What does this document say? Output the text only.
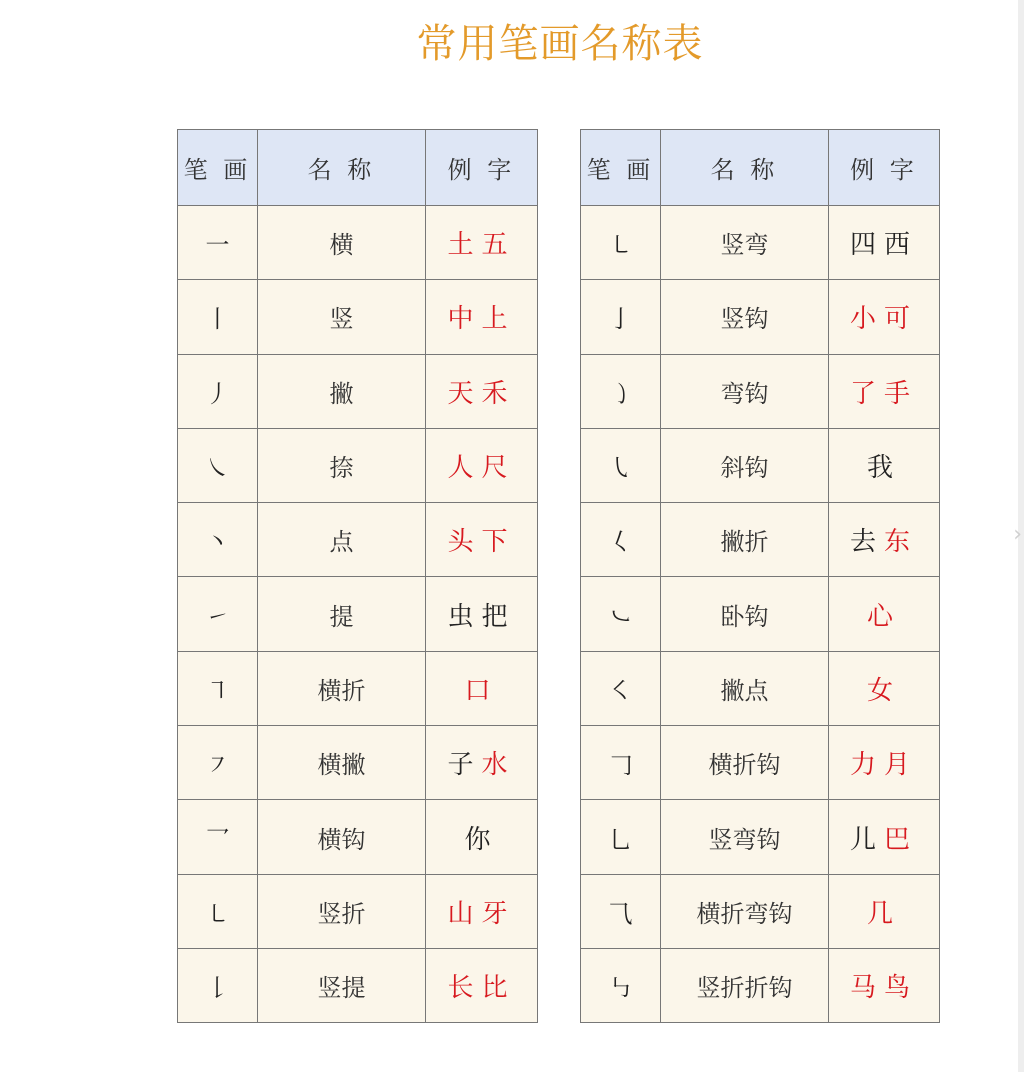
常用笔画名称表
笔 画	名 称	例 字
一	横	土五
丨	竖	中上
丿	撇	天禾
㇏	捺	人尺
丶	点	头下
㇀	提	虫把
㇕	横折	口
㇇	横撇	子水
乛	横钩	你
㇄	竖折	山牙
𠄌	竖提	长比
笔 画	名 称	例 字
㇄	竖弯	四西
亅	竖钩	小可
㇁	弯钩	了手
㇂	斜钩	我
𡿨	撇折	去东
㇃	卧钩	心
㇛	撇点	女
𠃌	横折钩	力月
乚	竖弯钩	儿巴
⺄	横折弯钩	几
㇉	竖折折钩	马鸟
›
